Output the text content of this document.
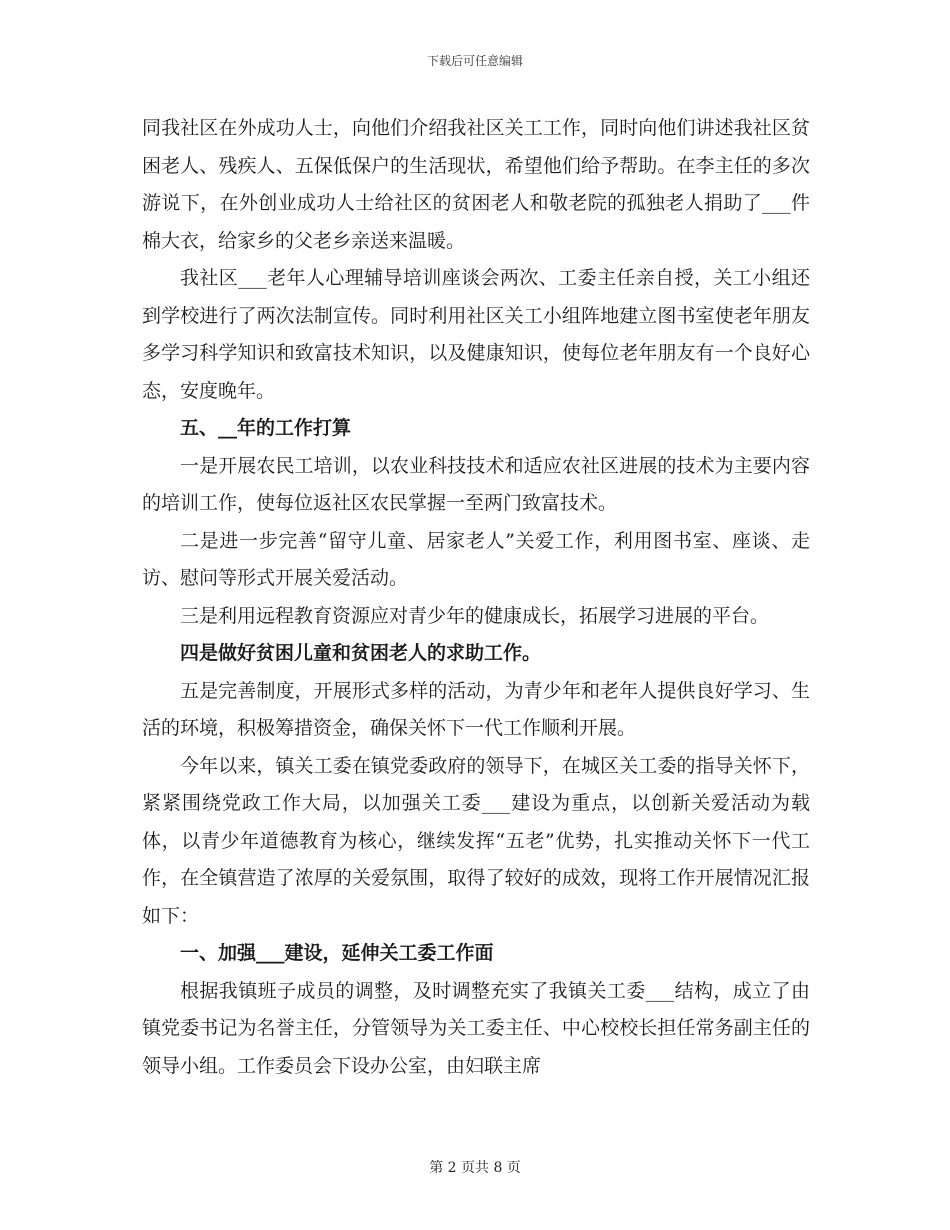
下载后可任意编辑

同我社区在外成功人士，向他们介绍我社区关工工作，同时向他们讲述我社区贫困老人、残疾人、五保低保户的生活现状，希望他们给予帮助。在李主任的多次游说下，在外创业成功人士给社区的贫困老人和敬老院的孤独老人捐助了___件棉大衣，给家乡的父老乡亲送来温暖。

我社区___老年人心理辅导培训座谈会两次、工委主任亲自授，关工小组还到学校进行了两次法制宣传。同时利用社区关工小组阵地建立图书室使老年朋友多学习科学知识和致富技术知识，以及健康知识，使每位老年朋友有一个良好心态，安度晚年。

五、__年的工作打算

一是开展农民工培训，以农业科技技术和适应农社区进展的技术为主要内容的培训工作，使每位返社区农民掌握一至两门致富技术。

二是进一步完善“留守儿童、居家老人”关爱工作，利用图书室、座谈、走访、慰问等形式开展关爱活动。

三是利用远程教育资源应对青少年的健康成长，拓展学习进展的平台。

四是做好贫困儿童和贫困老人的求助工作。

五是完善制度，开展形式多样的活动，为青少年和老年人提供良好学习、生活的环境，积极筹措资金，确保关怀下一代工作顺利开展。

今年以来，镇关工委在镇党委政府的领导下，在城区关工委的指导关怀下，紧紧围绕党政工作大局，以加强关工委___建设为重点，以创新关爱活动为载体，以青少年道德教育为核心，继续发挥“五老”优势，扎实推动关怀下一代工作，在全镇营造了浓厚的关爱氛围，取得了较好的成效，现将工作开展情况汇报如下：

一、加强___建设，延伸关工委工作面

根据我镇班子成员的调整，及时调整充实了我镇关工委___结构，成立了由镇党委书记为名誉主任，分管领导为关工委主任、中心校校长担任常务副主任的领导小组。工作委员会下设办公室，由妇联主席

第 2 页共 8 页
